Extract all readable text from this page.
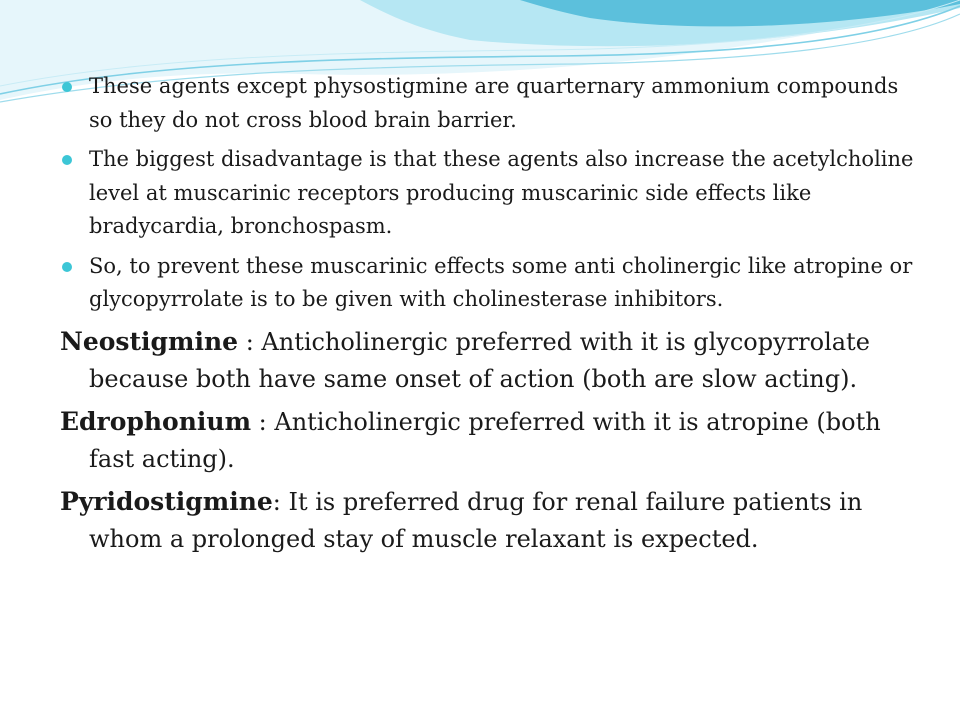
These agents except physostigmine are quarternary ammonium compounds so they do not cross blood brain barrier.
The biggest disadvantage is that these agents also increase the acetylcholine level at muscarinic receptors producing muscarinic side effects like bradycardia, bronchospasm.
So, to prevent these muscarinic effects some anti cholinergic like atropine or glycopyrrolate is to be given with cholinesterase inhibitors.

Neostigmine : Anticholinergic preferred with it is glycopyrrolate because both have same onset of action (both are slow acting).

Edrophonium : Anticholinergic preferred with it is atropine (both fast acting).

Pyridostigmine: It is preferred drug for renal failure patients in whom a prolonged stay of muscle relaxant is expected.
